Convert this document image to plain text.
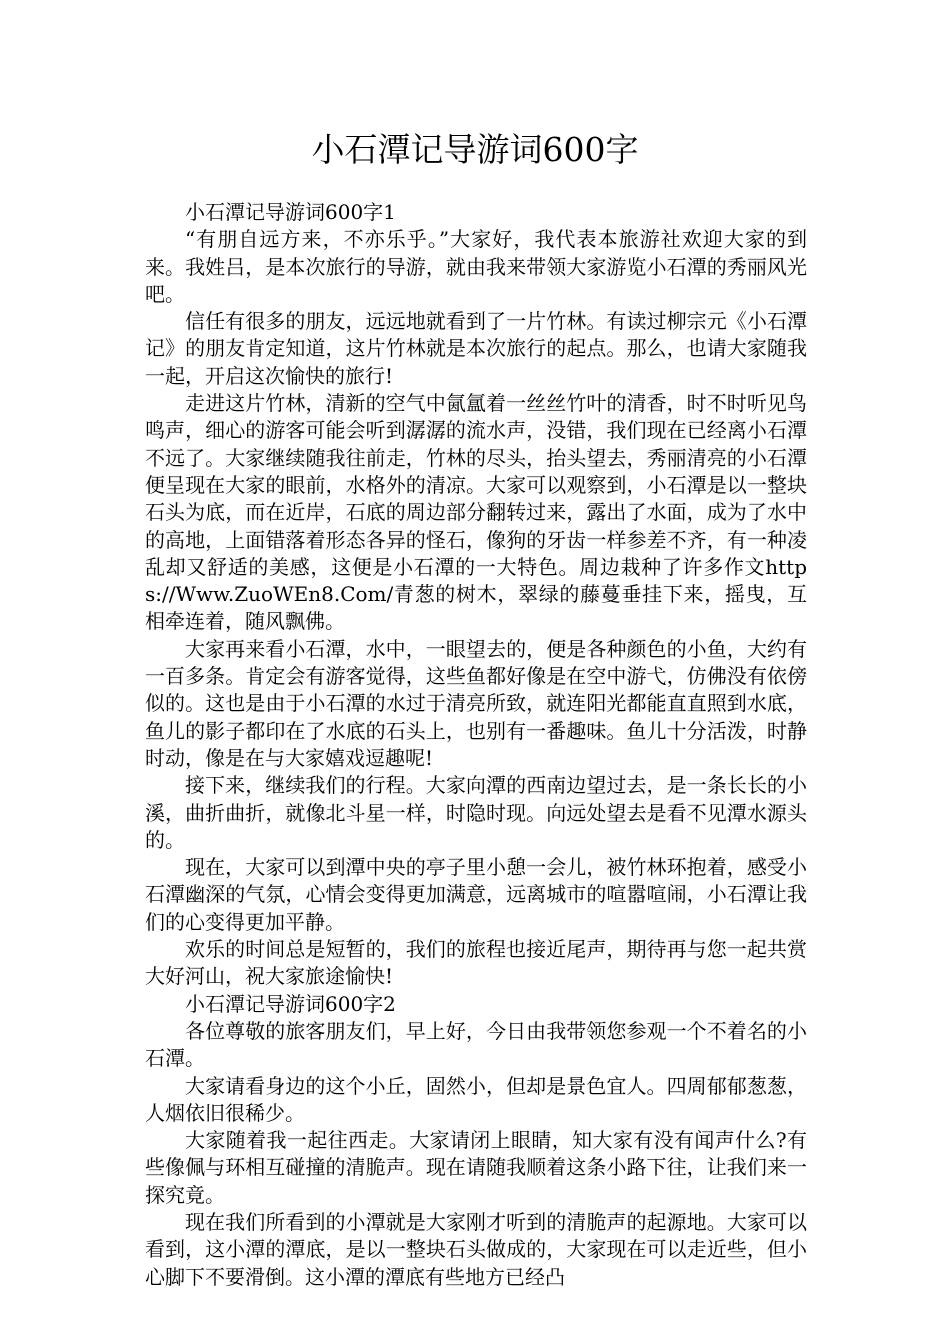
小石潭记导游词600字

小石潭记导游词600字1

“有朋自远方来，不亦乐乎。”大家好，我代表本旅游社欢迎大家的到来。我姓吕，是本次旅行的导游，就由我来带领大家游览小石潭的秀丽风光吧。

信任有很多的朋友，远远地就看到了一片竹林。有读过柳宗元《小石潭记》的朋友肯定知道，这片竹林就是本次旅行的起点。那么，也请大家随我一起，开启这次愉快的旅行!

走进这片竹林，清新的空气中氤氲着一丝丝竹叶的清香，时不时听见鸟鸣声，细心的游客可能会听到潺潺的流水声，没错，我们现在已经离小石潭不远了。大家继续随我往前走，竹林的尽头，抬头望去，秀丽清亮的小石潭便呈现在大家的眼前，水格外的清凉。大家可以观察到，小石潭是以一整块石头为底，而在近岸，石底的周边部分翻转过来，露出了水面，成为了水中的高地，上面错落着形态各异的怪石，像狗的牙齿一样参差不齐，有一种凌乱却又舒适的美感，这便是小石潭的一大特色。周边栽种了许多作文https://Www.ZuoWEn8.Com/青葱的树木，翠绿的藤蔓垂挂下来，摇曳，互相牵连着，随风飘佛。

大家再来看小石潭，水中，一眼望去的，便是各种颜色的小鱼，大约有一百多条。肯定会有游客觉得，这些鱼都好像是在空中游弋，仿佛没有依傍似的。这也是由于小石潭的水过于清亮所致，就连阳光都能直直照到水底，鱼儿的影子都印在了水底的石头上，也别有一番趣味。鱼儿十分活泼，时静时动，像是在与大家嬉戏逗趣呢!

接下来，继续我们的行程。大家向潭的西南边望过去，是一条长长的小溪，曲折曲折，就像北斗星一样，时隐时现。向远处望去是看不见潭水源头的。

现在，大家可以到潭中央的亭子里小憩一会儿，被竹林环抱着，感受小石潭幽深的气氛，心情会变得更加满意，远离城市的喧嚣喧闹，小石潭让我们的心变得更加平静。

欢乐的时间总是短暂的，我们的旅程也接近尾声，期待再与您一起共赏大好河山，祝大家旅途愉快!

小石潭记导游词600字2

各位尊敬的旅客朋友们，早上好，今日由我带领您参观一个不着名的小石潭。

大家请看身边的这个小丘，固然小，但却是景色宜人。四周郁郁葱葱，人烟依旧很稀少。

大家随着我一起往西走。大家请闭上眼睛，知大家有没有闻声什么?有些像佩与环相互碰撞的清脆声。现在请随我顺着这条小路下往，让我们来一探究竟。

现在我们所看到的小潭就是大家刚才听到的清脆声的起源地。大家可以看到，这小潭的潭底，是以一整块石头做成的，大家现在可以走近些，但小心脚下不要滑倒。这小潭的潭底有些地方已经凸
